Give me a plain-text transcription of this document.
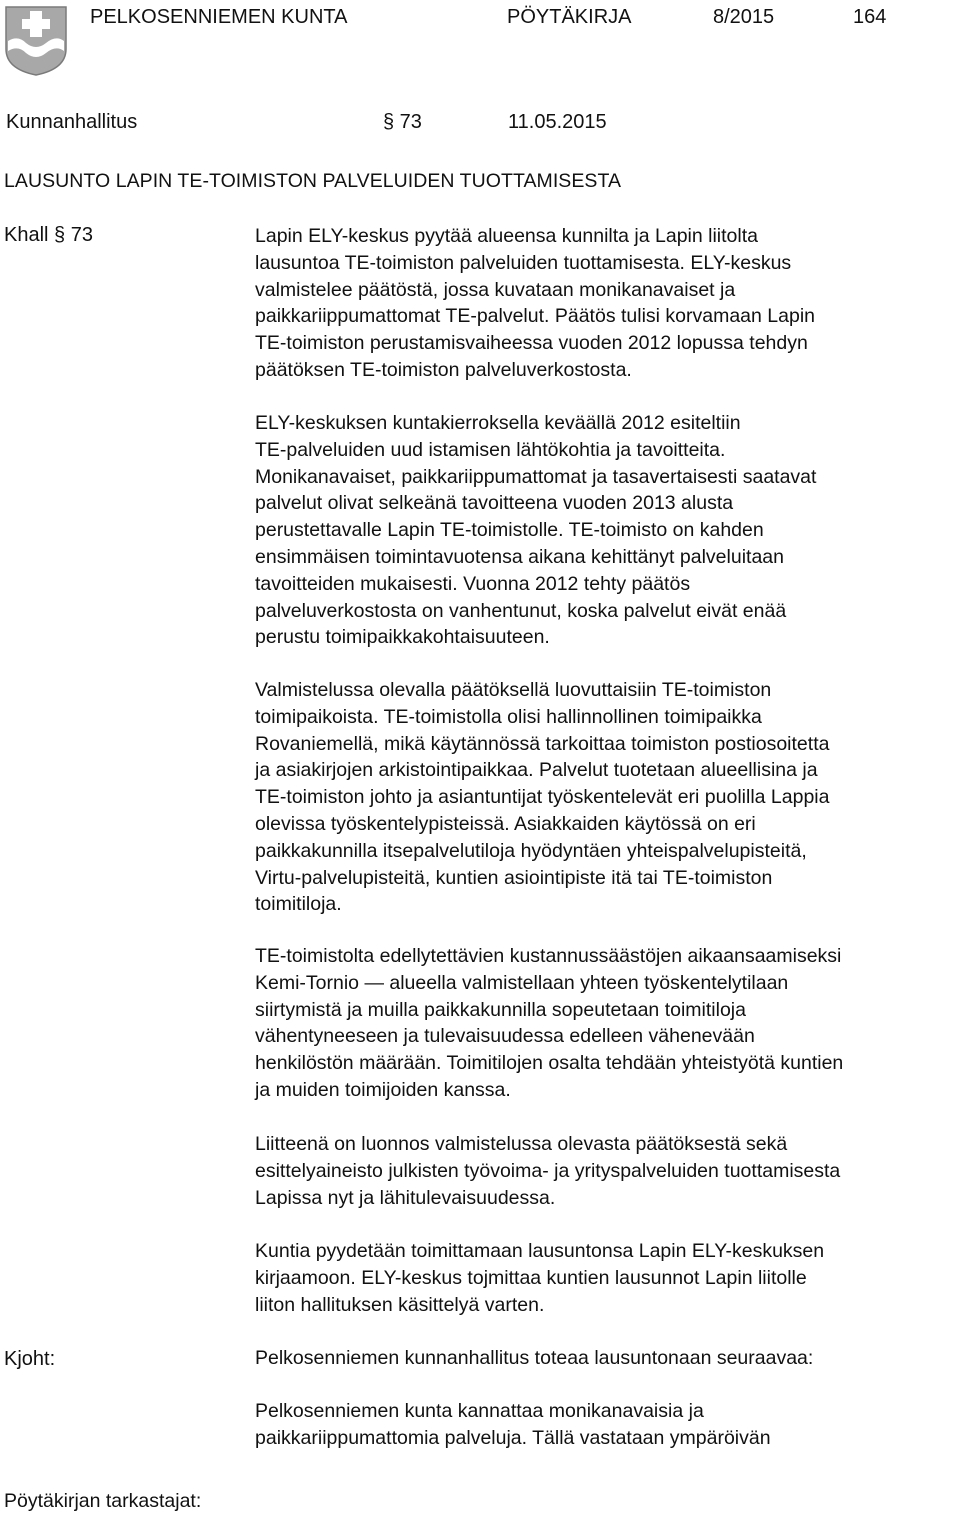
PELKOSENNIEMEN KUNTA	PÖYTÄKIRJA	8/2015	164
Kunnanhallitus	§ 73	11.05.2015
LAUSUNTO LAPIN TE-TOIMISTON PALVELUIDEN TUOTTAMISESTA
Khall § 73
Kjoht:
Pöytäkirjan tarkastajat:
Lapin ELY-keskus pyytää alueensa kunnilta ja Lapin liitolta
lausuntoa TE-toimiston palveluiden tuottamisesta. ELY-keskus
valmistelee päätöstä, jossa kuvataan monikanavaiset ja
paikkariippumattomat TE-palvelut. Päätös tulisi korvamaan Lapin
TE-toimiston perustamisvaiheessa vuoden 2012 lopussa tehdyn
päätöksen TE-toimiston palveluverkostosta.
ELY-keskuksen kuntakierroksella keväällä 2012 esiteltiin
TE-palveluiden uud istamisen lähtökohtia ja tavoitteita.
Monikanavaiset, paikkariippumattomat ja tasavertaisesti saatavat
palvelut olivat selkeänä tavoitteena vuoden 2013 alusta
perustettavalle Lapin TE-toimistolle. TE-toimisto on kahden
ensimmäisen toimintavuotensa aikana kehittänyt palveluitaan
tavoitteiden mukaisesti. Vuonna 2012 tehty päätös
palveluverkostosta on vanhentunut, koska palvelut eivät enää
perustu toimipaikkakohtaisuuteen.
Valmistelussa olevalla päätöksellä luovuttaisiin TE-toimiston
toimipaikoista. TE-toimistolla olisi hallinnollinen toimipaikka
Rovaniemellä, mikä käytännössä tarkoittaa toimiston postiosoitetta
ja asiakirjojen arkistointipaikkaa. Palvelut tuotetaan alueellisina ja
TE-toimiston johto ja asiantuntijat työskentelevät eri puolilla Lappia
olevissa työskentelypisteissä. Asiakkaiden käytössä on eri
paikkakunnilla itsepalvelutiloja hyödyntäen yhteispalvelupisteitä,
Virtu-palvelupisteitä, kuntien asiointipiste itä tai TE-toimiston
toimitiloja.
TE-toimistolta edellytettävien kustannussäästöjen aikaansaamiseksi
Kemi-Tornio — alueella valmistellaan yhteen työskentelytilaan
siirtymistä ja muilla paikkakunnilla sopeutetaan toimitiloja
vähentyneeseen ja tulevaisuudessa edelleen vähenevään
henkilöstön määrään. Toimitilojen osalta tehdään yhteistyötä kuntien
ja muiden toimijoiden kanssa.
Liitteenä on luonnos valmistelussa olevasta päätöksestä sekä
esittelyaineisto julkisten työvoima- ja yrityspalveluiden tuottamisesta
Lapissa nyt ja lähitulevaisuudessa.
Kuntia pyydetään toimittamaan lausuntonsa Lapin ELY-keskuksen
kirjaamoon. ELY-keskus tojmittaa kuntien lausunnot Lapin liitolle
liiton hallituksen käsittelyä varten.
Pelkosenniemen kunnanhallitus toteaa lausuntonaan seuraavaa:
Pelkosenniemen kunta kannattaa monikanavaisia ja
paikkariippumattomia palveluja. Tällä vastataan ympäröivän
